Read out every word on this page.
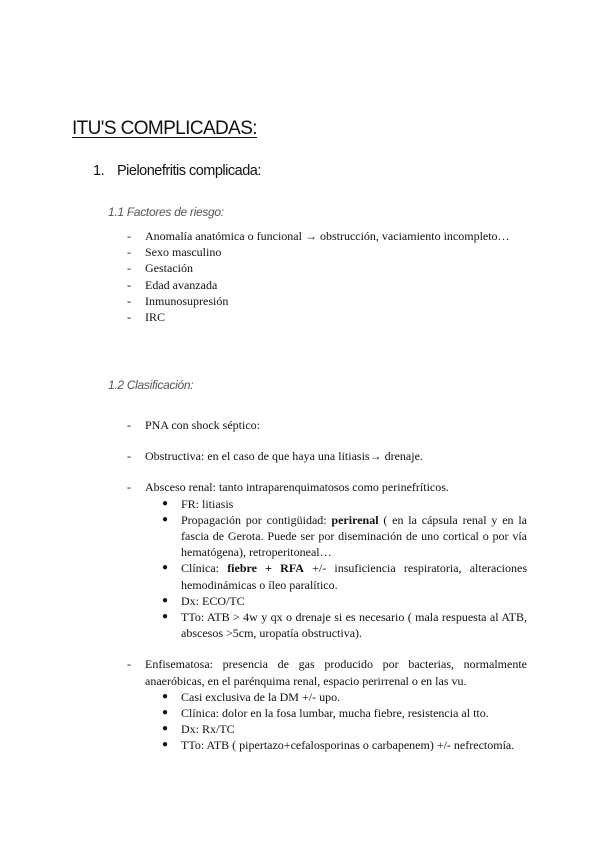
ITU'S COMPLICADAS:
1. Pielonefritis complicada:
1.1 Factores de riesgo:
-	Anomalía anatómica o funcional → obstrucción, vaciamiento incompleto…
-	Sexo masculino
-	Gestación
-	Edad avanzada
-	Inmunosupresión
-	IRC
1.2 Clasificación:
-	PNA con shock séptico:
-	Obstructiva: en el caso de que haya una litiasis→ drenaje.
-	Absceso renal: tanto intraparenquimatosos como perinefríticos.
●	FR: litiasis
●	Propagación por contigüidad: perirenal ( en la cápsula renal y en la fascia de Gerota. Puede ser por diseminación de uno cortical o por vía hematógena), retroperitoneal…
●	Clínica: fiebre + RFA +/- insuficiencia respiratoria, alteraciones hemodinámicas o íleo paralítico.
●	Dx: ECO/TC
●	TTo: ATB > 4w y qx o drenaje si es necesario ( mala respuesta al ATB, abscesos >5cm, uropatía obstructiva).
-	Enfisematosa: presencia de gas producido por bacterias, normalmente anaeróbicas, en el parénquima renal, espacio perirrenal o en las vu.
●	Casi exclusiva de la DM +/- upo.
●	Clínica: dolor en la fosa lumbar, mucha fiebre, resistencia al tto.
●	Dx: Rx/TC
●	TTo: ATB ( pipertazo+cefalosporinas o carbapenem) +/- nefrectomía.
